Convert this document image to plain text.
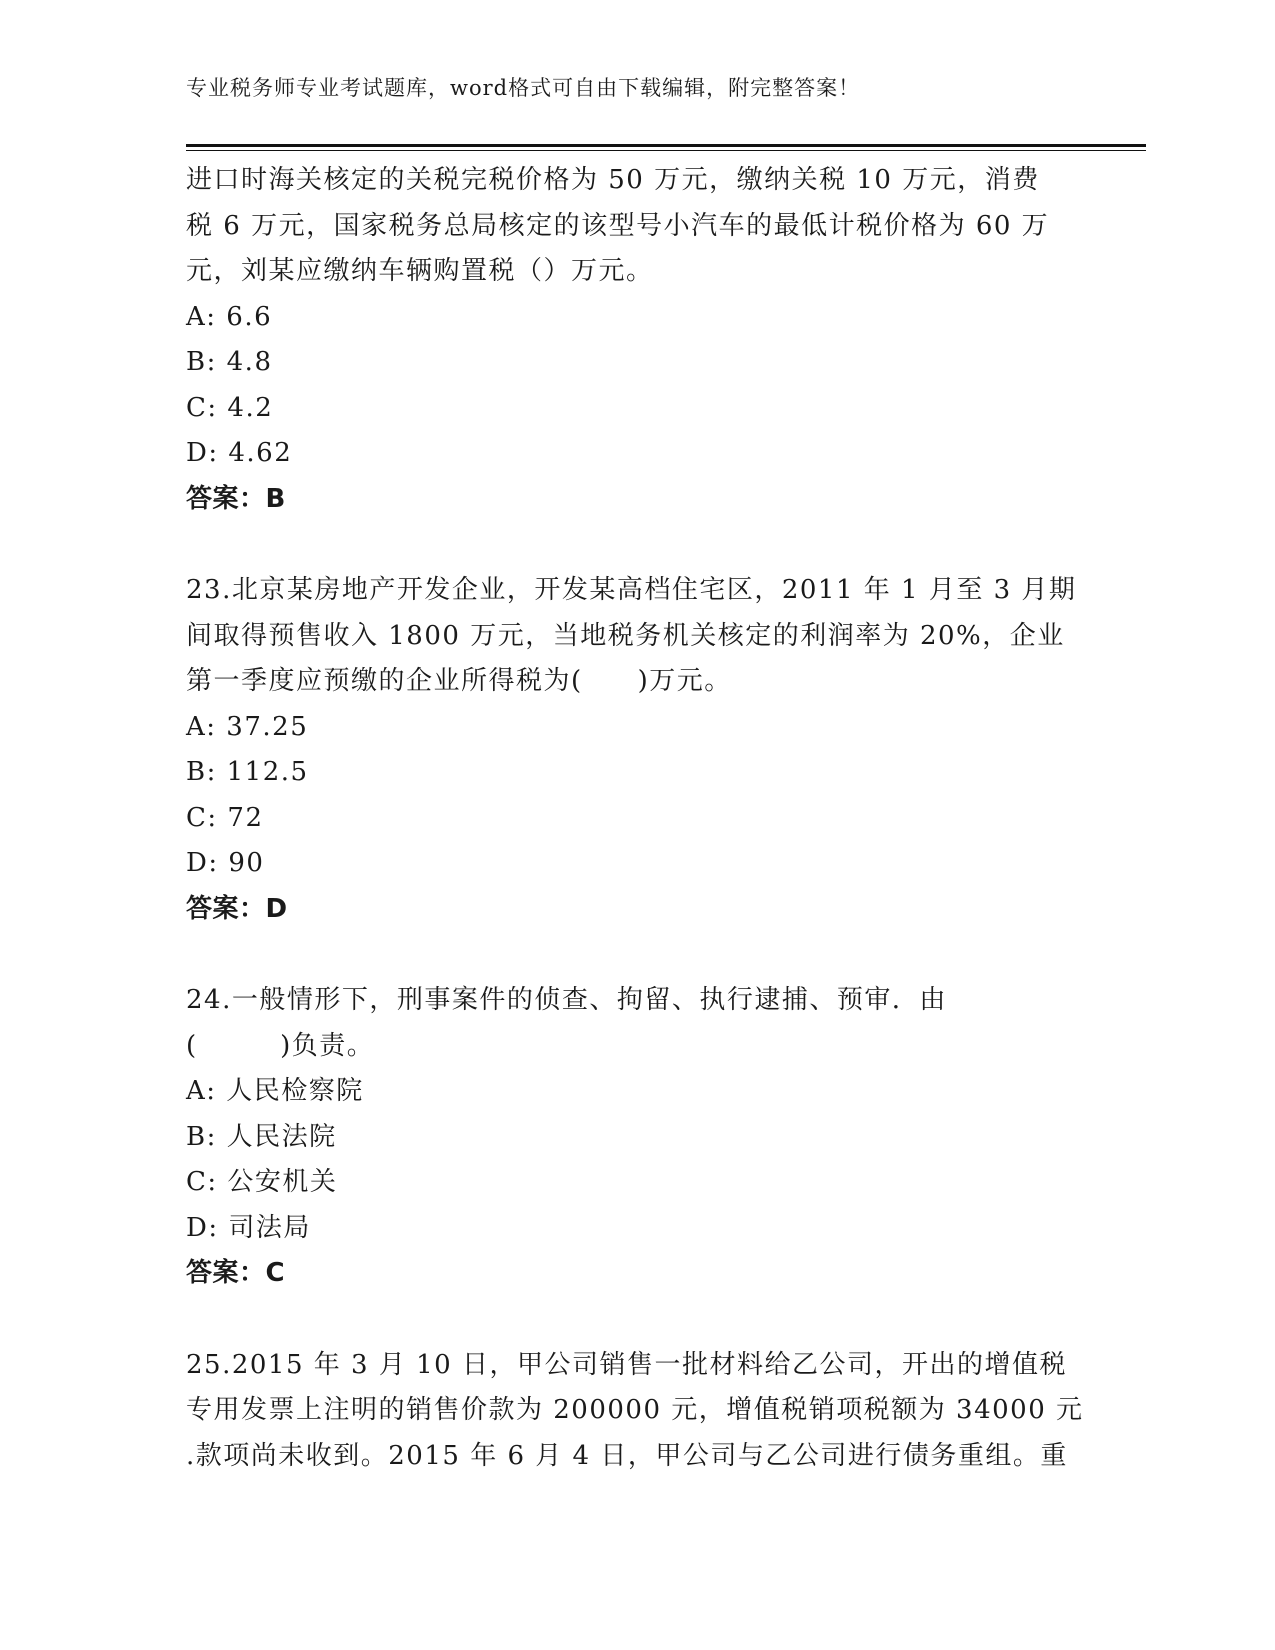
专业税务师专业考试题库，word格式可自由下载编辑，附完整答案！
进口时海关核定的关税完税价格为 50 万元，缴纳关税 10 万元，消费
税 6 万元，国家税务总局核定的该型号小汽车的最低计税价格为 60 万
元，刘某应缴纳车辆购置税（）万元。
A: 6.6
B: 4.8
C: 4.2
D: 4.62
答案：B
23.北京某房地产开发企业，开发某高档住宅区，2011 年 1 月至 3 月期
间取得预售收入 1800 万元，当地税务机关核定的利润率为 20%，企业
第一季度应预缴的企业所得税为(　　)万元。
A: 37.25
B: 112.5
C: 72
D: 90
答案：D
24.一般情形下，刑事案件的侦查、拘留、执行逮捕、预审．由
(　　　)负责。
A: 人民检察院
B: 人民法院
C: 公安机关
D: 司法局
答案：C
25.2015 年 3 月 10 日，甲公司销售一批材料给乙公司，开出的增值税
专用发票上注明的销售价款为 200000 元，增值税销项税额为 34000 元
.款项尚未收到。2015 年 6 月 4 日，甲公司与乙公司进行债务重组。重
